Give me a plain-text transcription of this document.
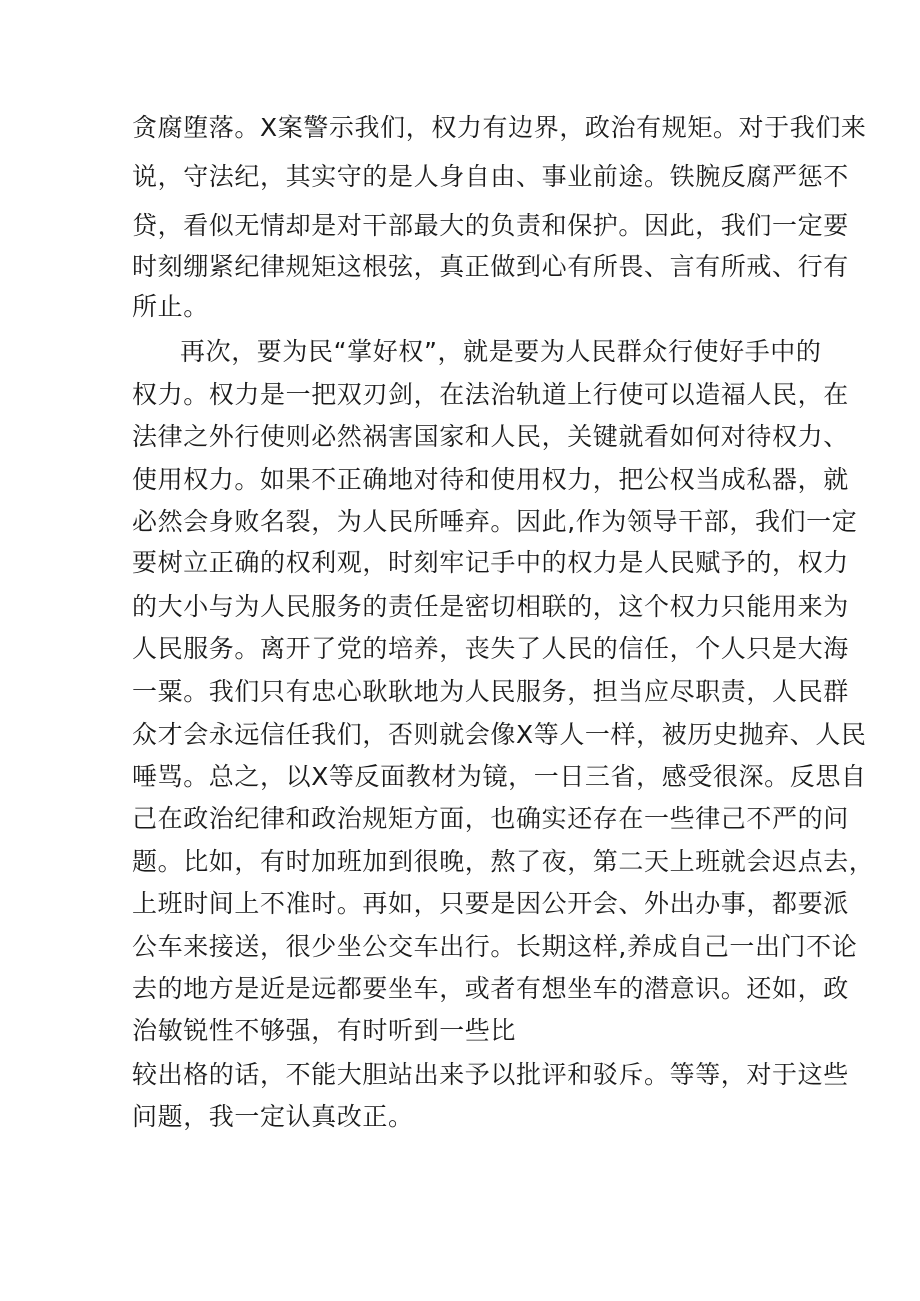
贪腐堕落。X案警示我们，权力有边界，政治有规矩。对于我们来
说，守法纪，其实守的是人身自由、事业前途。铁腕反腐严惩不
贷，看似无情却是对干部最大的负责和保护。因此，我们一定要
时刻绷紧纪律规矩这根弦，真正做到心有所畏、言有所戒、行有
所止。
再次，要为民“掌好权”，就是要为人民群众行使好手中的
权力。权力是一把双刃剑，在法治轨道上行使可以造福人民，在
法律之外行使则必然祸害国家和人民，关键就看如何对待权力、
使用权力。如果不正确地对待和使用权力，把公权当成私器，就
必然会身败名裂，为人民所唾弃。因此,作为领导干部，我们一定
要树立正确的权利观，时刻牢记手中的权力是人民赋予的，权力
的大小与为人民服务的责任是密切相联的，这个权力只能用来为
人民服务。离开了党的培养，丧失了人民的信任，个人只是大海
一粟。我们只有忠心耿耿地为人民服务，担当应尽职责，人民群
众才会永远信任我们，否则就会像X等人一样，被历史抛弃、人民
唾骂。总之，以X等反面教材为镜，一日三省，感受很深。反思自
己在政治纪律和政治规矩方面，也确实还存在一些律己不严的问
题。比如，有时加班加到很晚，熬了夜，第二天上班就会迟点去，
上班时间上不准时。再如，只要是因公开会、外出办事，都要派
公车来接送，很少坐公交车出行。长期这样,养成自己一出门不论
去的地方是近是远都要坐车，或者有想坐车的潜意识。还如，政
治敏锐性不够强，有时听到一些比
较出格的话，不能大胆站出来予以批评和驳斥。等等，对于这些
问题，我一定认真改正。
